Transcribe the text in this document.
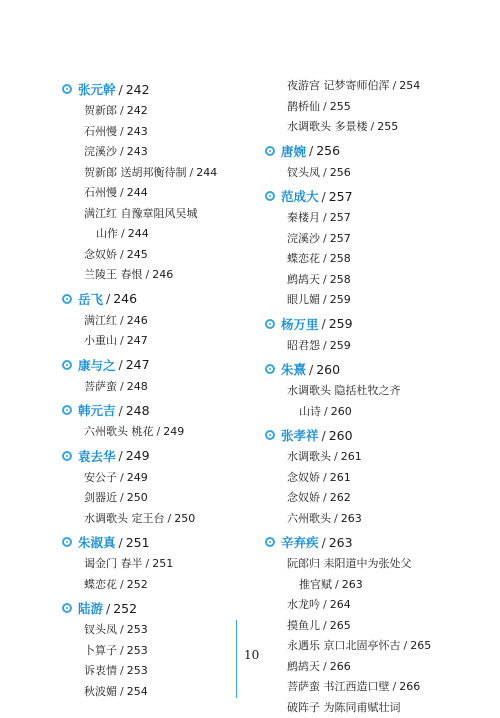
张元幹 / 242
贺新郎 / 242
石州慢 / 243
浣溪沙 / 243
贺新郎 送胡邦衡待制 / 244
石州慢 / 244
满江红 自豫章阻风吴城
山作 / 244
念奴娇 / 245
兰陵王 春恨 / 246
岳飞 / 246
满江红 / 246
小重山 / 247
康与之 / 247
菩萨蛮 / 248
韩元吉 / 248
六州歌头 桃花 / 249
袁去华 / 249
安公子 / 249
剑器近 / 250
水调歌头 定王台 / 250
朱淑真 / 251
谒金门 春半 / 251
蝶恋花 / 252
陆游 / 252
钗头凤 / 253
卜算子 / 253
诉衷情 / 253
秋波媚 / 254
夜游宫 记梦寄师伯浑 / 254
鹊桥仙 / 255
水调歌头 多景楼 / 255
唐婉 / 256
钗头凤 / 256
范成大 / 257
秦楼月 / 257
浣溪沙 / 257
蝶恋花 / 258
鹧鸪天 / 258
眼儿媚 / 259
杨万里 / 259
昭君怨 / 259
朱熹 / 260
水调歌头 隐括杜牧之齐
山诗 / 260
张孝祥 / 260
水调歌头 / 261
念奴娇 / 261
念奴娇 / 262
六州歌头 / 263
辛弃疾 / 263
阮郎归 耒阳道中为张处父
推官赋 / 263
水龙吟 / 264
摸鱼儿 / 265
永遇乐 京口北固亭怀古 / 265
鹧鸪天 / 266
菩萨蛮 书江西造口壁 / 266
破阵子 为陈同甫赋壮词
10
